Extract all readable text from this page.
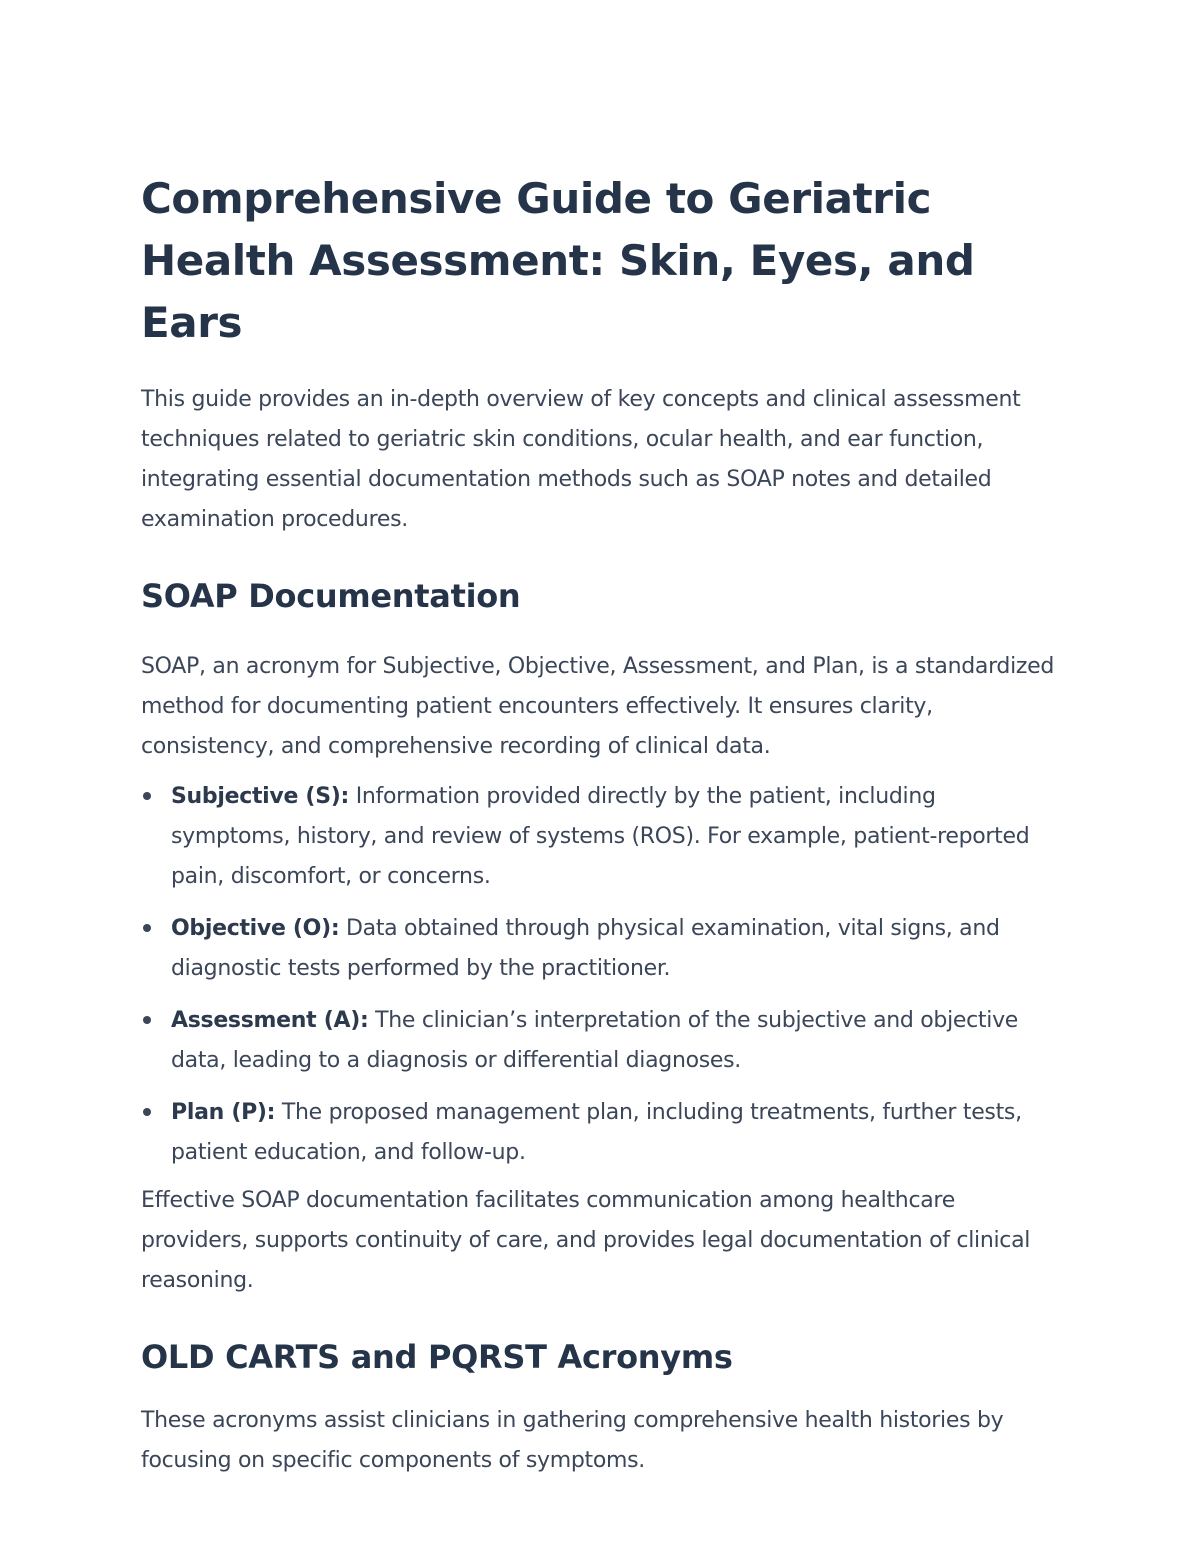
Comprehensive Guide to Geriatric Health Assessment: Skin, Eyes, and Ears

This guide provides an in-depth overview of key concepts and clinical assessment techniques related to geriatric skin conditions, ocular health, and ear function, integrating essential documentation methods such as SOAP notes and detailed examination procedures.

SOAP Documentation

SOAP, an acronym for Subjective, Objective, Assessment, and Plan, is a standardized method for documenting patient encounters effectively. It ensures clarity, consistency, and comprehensive recording of clinical data.

Subjective (S): Information provided directly by the patient, including symptoms, history, and review of systems (ROS). For example, patient-reported pain, discomfort, or concerns.
Objective (O): Data obtained through physical examination, vital signs, and diagnostic tests performed by the practitioner.
Assessment (A): The clinician’s interpretation of the subjective and objective data, leading to a diagnosis or differential diagnoses.
Plan (P): The proposed management plan, including treatments, further tests, patient education, and follow-up.

Effective SOAP documentation facilitates communication among healthcare providers, supports continuity of care, and provides legal documentation of clinical reasoning.

OLD CARTS and PQRST Acronyms

These acronyms assist clinicians in gathering comprehensive health histories by focusing on specific components of symptoms.
